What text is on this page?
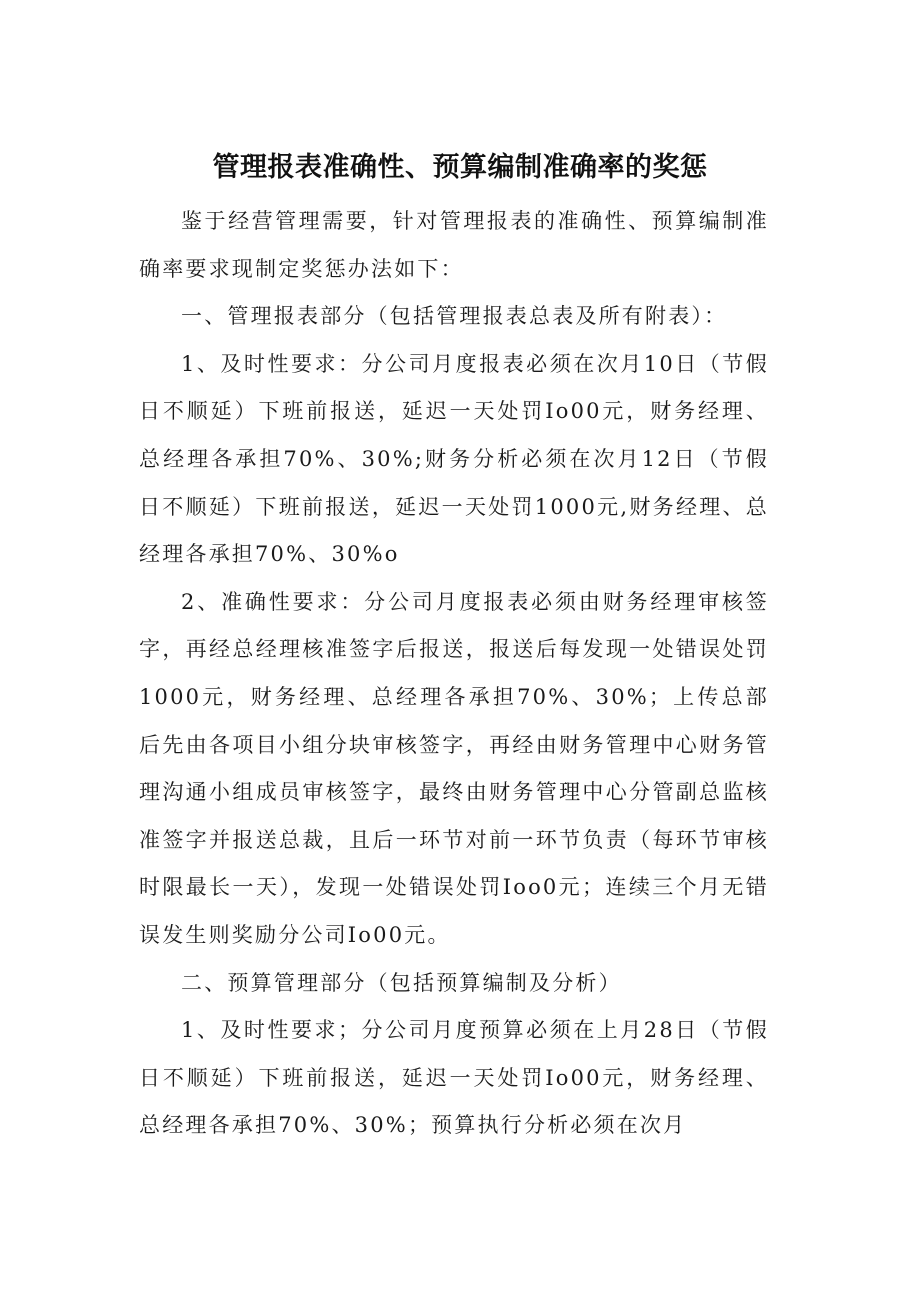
管理报表准确性、预算编制准确率的奖惩

鉴于经营管理需要，针对管理报表的准确性、预算编制准确率要求现制定奖惩办法如下：

一、管理报表部分（包括管理报表总表及所有附表）：

1、及时性要求：分公司月度报表必须在次月10日（节假日不顺延）下班前报送，延迟一天处罚Io00元，财务经理、总经理各承担70%、30%;财务分析必须在次月12日（节假日不顺延）下班前报送，延迟一天处罚1000元,财务经理、总经理各承担70%、30%o

2、准确性要求：分公司月度报表必须由财务经理审核签字，再经总经理核准签字后报送，报送后每发现一处错误处罚1000元，财务经理、总经理各承担70%、30%；上传总部后先由各项目小组分块审核签字，再经由财务管理中心财务管理沟通小组成员审核签字，最终由财务管理中心分管副总监核准签字并报送总裁，且后一环节对前一环节负责（每环节审核时限最长一天），发现一处错误处罚Ioo0元；连续三个月无错误发生则奖励分公司Io00元。

二、预算管理部分（包括预算编制及分析）

1、及时性要求；分公司月度预算必须在上月28日（节假日不顺延）下班前报送，延迟一天处罚Io00元，财务经理、总经理各承担70%、30%；预算执行分析必须在次月
